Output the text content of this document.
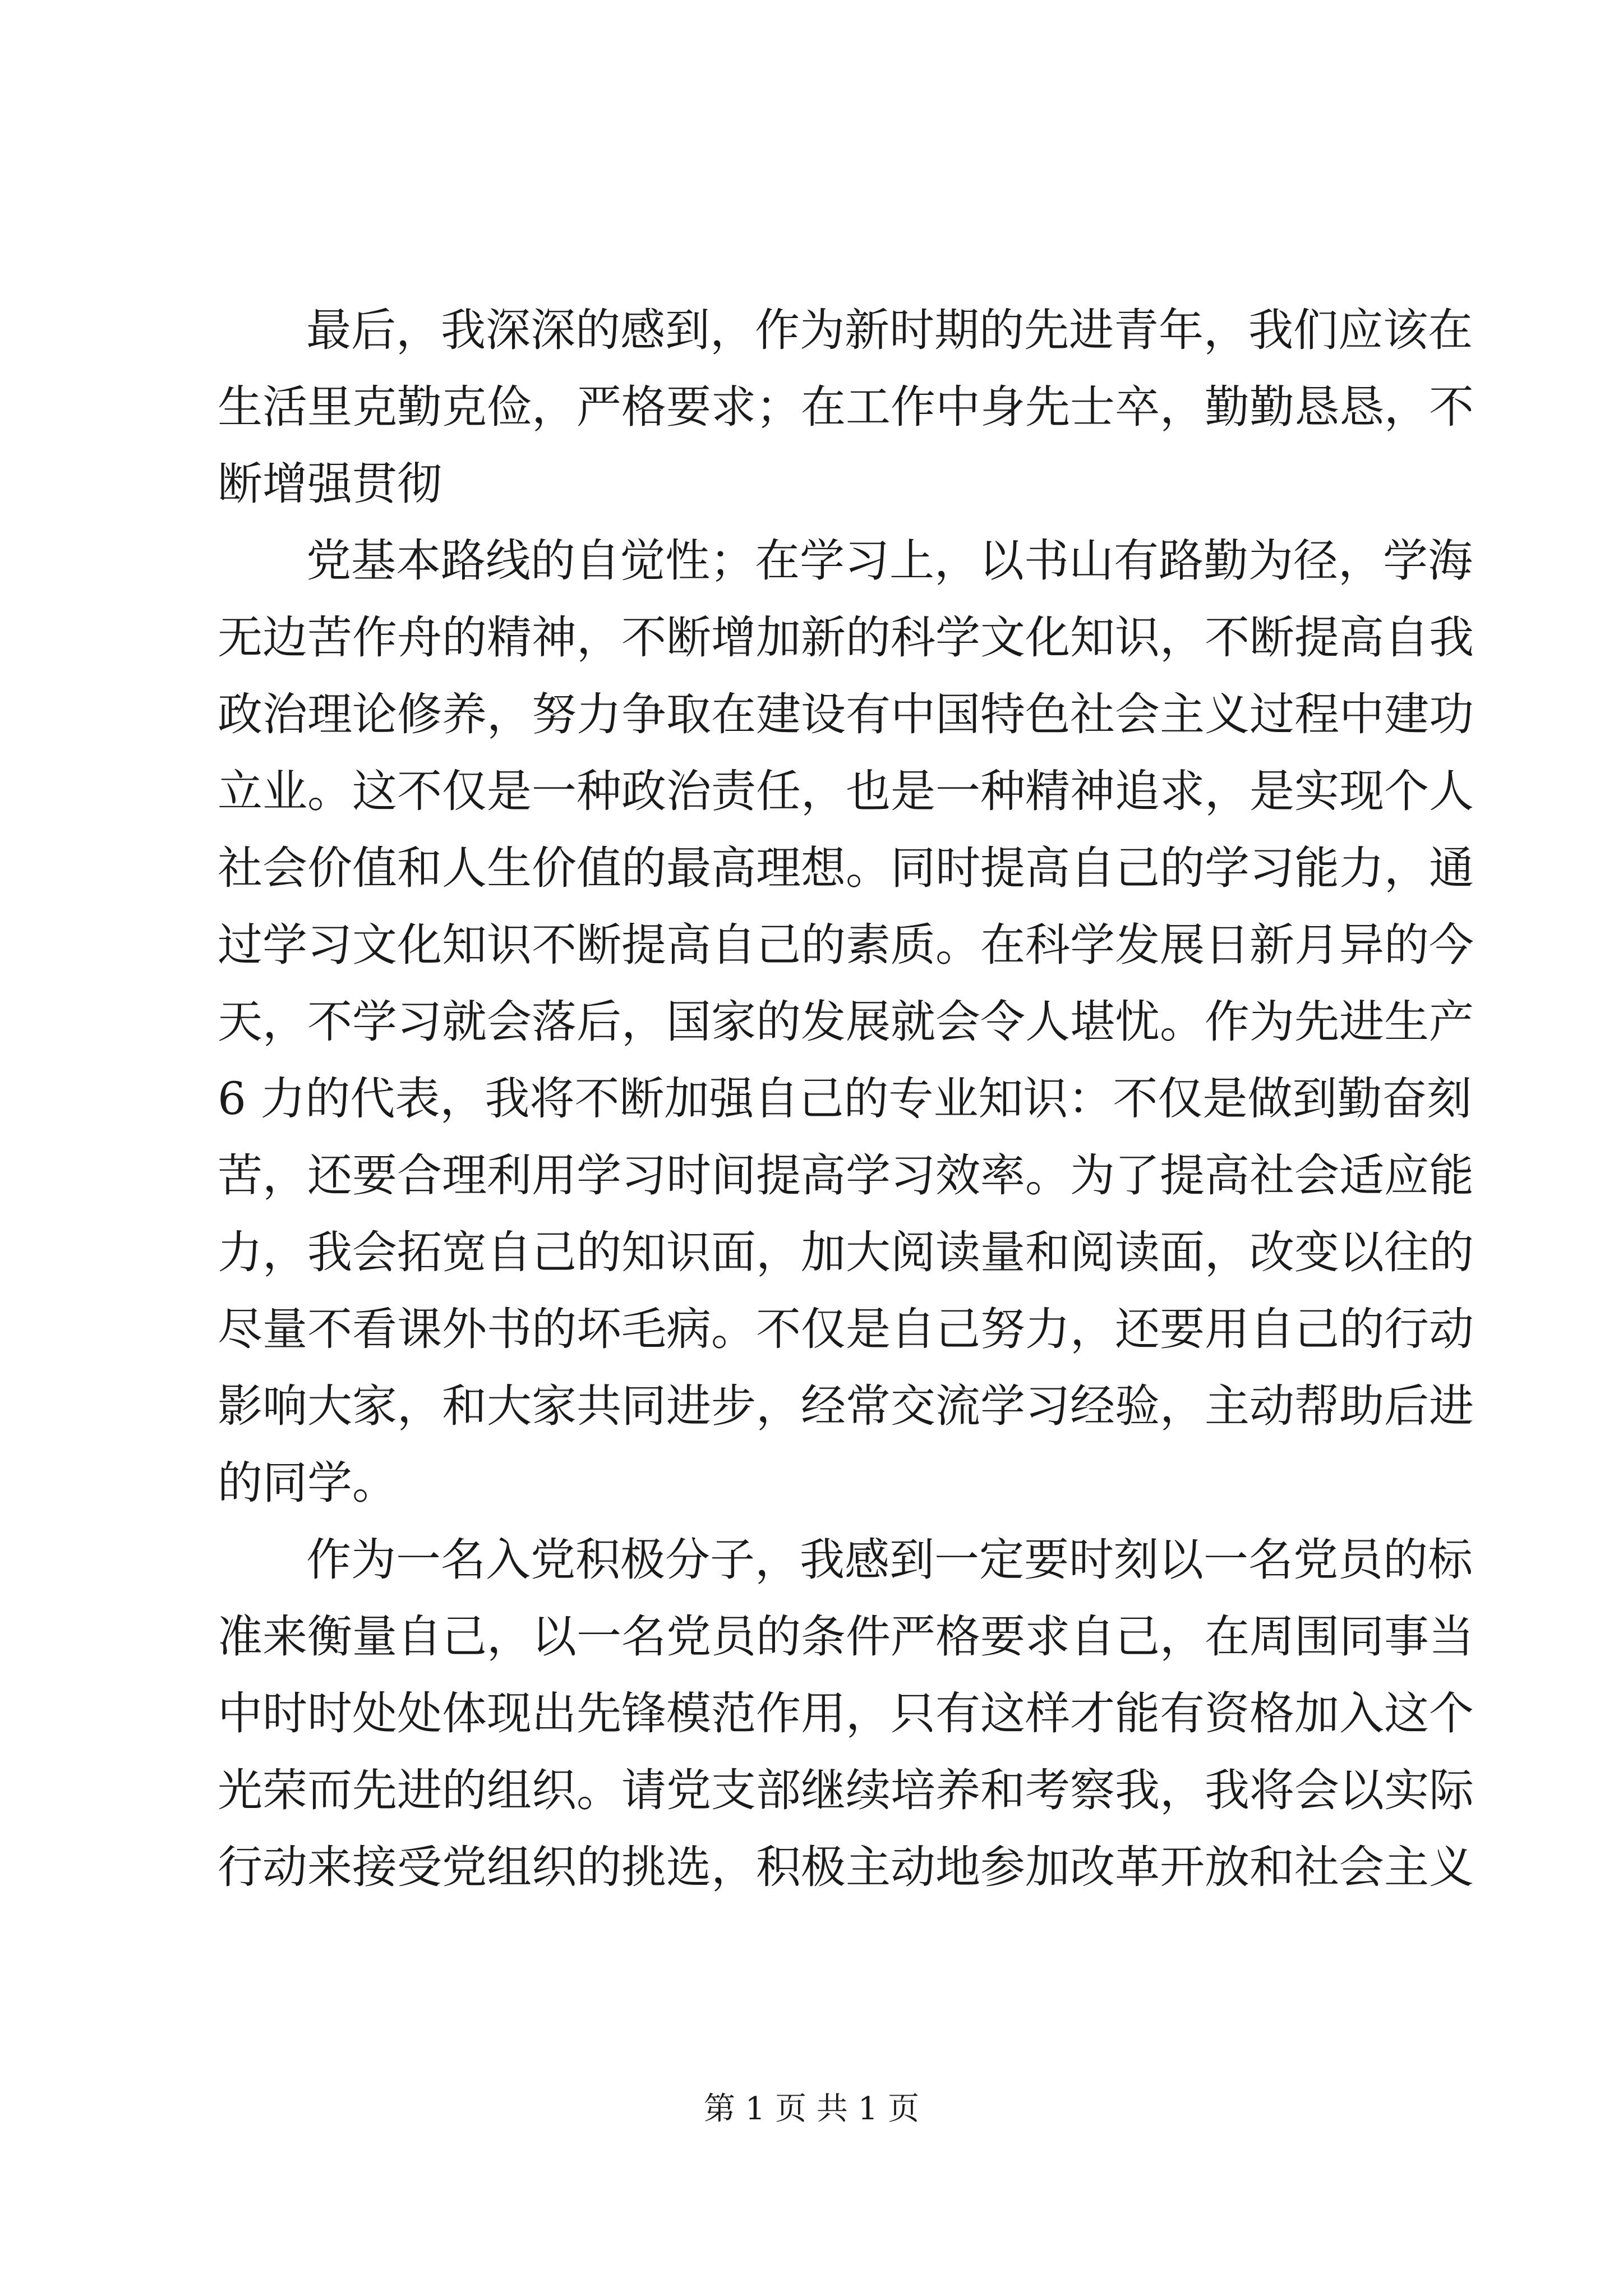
最后，我深深的感到，作为新时期的先进青年，我们应该在
生活里克勤克俭，严格要求；在工作中身先士卒，勤勤恳恳，不
断增强贯彻
党基本路线的自觉性；在学习上，以书山有路勤为径，学海
无边苦作舟的精神，不断增加新的科学文化知识，不断提高自我
政治理论修养，努力争取在建设有中国特色社会主义过程中建功
立业。这不仅是一种政治责任，也是一种精神追求，是实现个人
社会价值和人生价值的最高理想。同时提高自己的学习能力，通
过学习文化知识不断提高自己的素质。在科学发展日新月异的今
天，不学习就会落后，国家的发展就会令人堪忧。作为先进生产
6 力的代表，我将不断加强自己的专业知识：不仅是做到勤奋刻
苦，还要合理利用学习时间提高学习效率。为了提高社会适应能
力，我会拓宽自己的知识面，加大阅读量和阅读面，改变以往的
尽量不看课外书的坏毛病。不仅是自己努力，还要用自己的行动
影响大家，和大家共同进步，经常交流学习经验，主动帮助后进
的同学。
作为一名入党积极分子，我感到一定要时刻以一名党员的标
准来衡量自己，以一名党员的条件严格要求自己，在周围同事当
中时时处处体现出先锋模范作用，只有这样才能有资格加入这个
光荣而先进的组织。请党支部继续培养和考察我，我将会以实际
行动来接受党组织的挑选，积极主动地参加改革开放和社会主义
第 1 页 共 1 页
